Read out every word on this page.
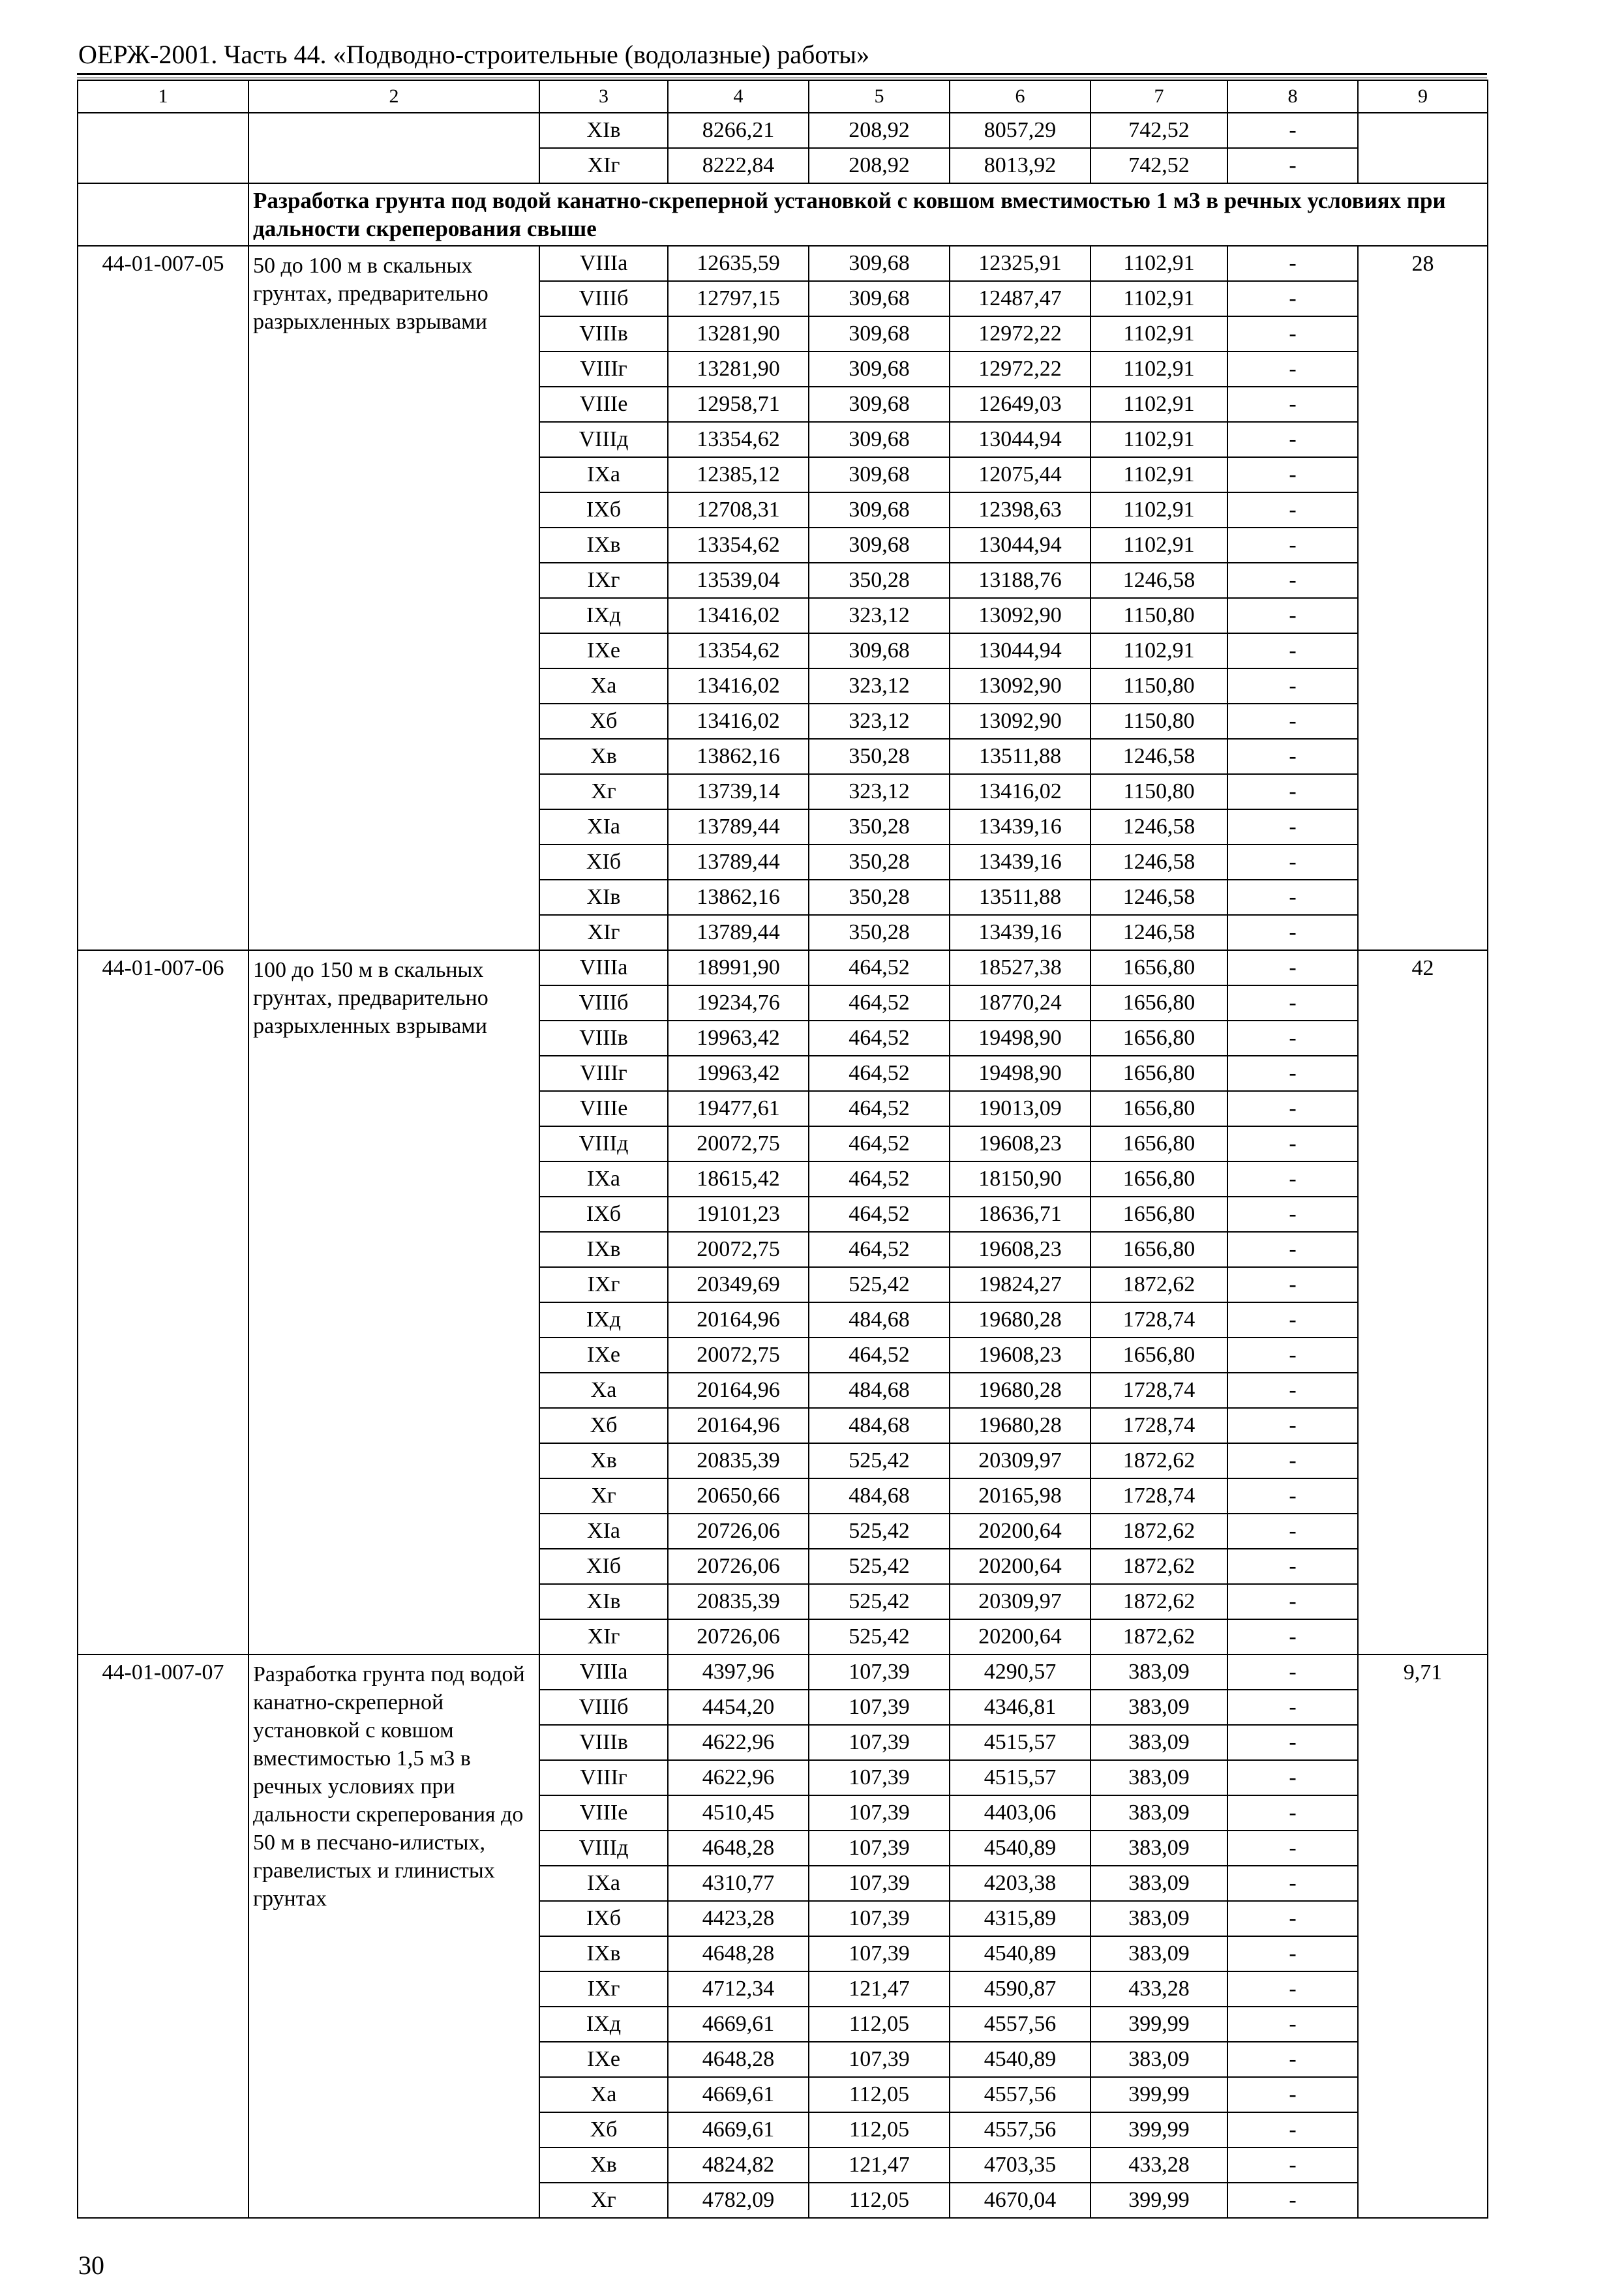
ОЕРЖ-2001. Часть 44. «Подводно-строительные (водолазные) работы»
1	2	3	4	5	6	7	8	9
		XIв	8266,21	208,92	8057,29	742,52	-	
		XIг	8222,84	208,92	8013,92	742,52	-	
	Разработка грунта под водой канатно-скреперной установкой с ковшом вместимостью 1 м3 в речных условиях при дальности скреперования свыше							
44-01-007-05	50 до 100 м в скальных грунтах, предварительно разрыхленных взрывами	VIIIа	12635,59	309,68	12325,91	1102,91	-	28
		VIIIб	12797,15	309,68	12487,47	1102,91	-	
		VIIIв	13281,90	309,68	12972,22	1102,91	-	
		VIIIг	13281,90	309,68	12972,22	1102,91	-	
		VIIIе	12958,71	309,68	12649,03	1102,91	-	
		VIIIд	13354,62	309,68	13044,94	1102,91	-	
		IXа	12385,12	309,68	12075,44	1102,91	-	
		IXб	12708,31	309,68	12398,63	1102,91	-	
		IXв	13354,62	309,68	13044,94	1102,91	-	
		IXг	13539,04	350,28	13188,76	1246,58	-	
		IXд	13416,02	323,12	13092,90	1150,80	-	
		IXе	13354,62	309,68	13044,94	1102,91	-	
		Xа	13416,02	323,12	13092,90	1150,80	-	
		Xб	13416,02	323,12	13092,90	1150,80	-	
		Xв	13862,16	350,28	13511,88	1246,58	-	
		Xг	13739,14	323,12	13416,02	1150,80	-	
		XIа	13789,44	350,28	13439,16	1246,58	-	
		XIб	13789,44	350,28	13439,16	1246,58	-	
		XIв	13862,16	350,28	13511,88	1246,58	-	
		XIг	13789,44	350,28	13439,16	1246,58	-	
44-01-007-06	100 до 150 м в скальных грунтах, предварительно разрыхленных взрывами	VIIIа	18991,90	464,52	18527,38	1656,80	-	42
		VIIIб	19234,76	464,52	18770,24	1656,80	-	
		VIIIв	19963,42	464,52	19498,90	1656,80	-	
		VIIIг	19963,42	464,52	19498,90	1656,80	-	
		VIIIе	19477,61	464,52	19013,09	1656,80	-	
		VIIIд	20072,75	464,52	19608,23	1656,80	-	
		IXа	18615,42	464,52	18150,90	1656,80	-	
		IXб	19101,23	464,52	18636,71	1656,80	-	
		IXв	20072,75	464,52	19608,23	1656,80	-	
		IXг	20349,69	525,42	19824,27	1872,62	-	
		IXд	20164,96	484,68	19680,28	1728,74	-	
		IXе	20072,75	464,52	19608,23	1656,80	-	
		Xа	20164,96	484,68	19680,28	1728,74	-	
		Xб	20164,96	484,68	19680,28	1728,74	-	
		Xв	20835,39	525,42	20309,97	1872,62	-	
		Xг	20650,66	484,68	20165,98	1728,74	-	
		XIа	20726,06	525,42	20200,64	1872,62	-	
		XIб	20726,06	525,42	20200,64	1872,62	-	
		XIв	20835,39	525,42	20309,97	1872,62	-	
		XIг	20726,06	525,42	20200,64	1872,62	-	
44-01-007-07	Разработка грунта под водой канатно-скреперной установкой с ковшом вместимостью 1,5 м3 в речных условиях при дальности скреперования до 50 м в песчано-илистых, гравелистых и глинистых грунтах	VIIIа	4397,96	107,39	4290,57	383,09	-	9,71
		VIIIб	4454,20	107,39	4346,81	383,09	-	
		VIIIв	4622,96	107,39	4515,57	383,09	-	
		VIIIг	4622,96	107,39	4515,57	383,09	-	
		VIIIе	4510,45	107,39	4403,06	383,09	-	
		VIIIд	4648,28	107,39	4540,89	383,09	-	
		IXа	4310,77	107,39	4203,38	383,09	-	
		IXб	4423,28	107,39	4315,89	383,09	-	
		IXв	4648,28	107,39	4540,89	383,09	-	
		IXг	4712,34	121,47	4590,87	433,28	-	
		IXд	4669,61	112,05	4557,56	399,99	-	
		IXе	4648,28	107,39	4540,89	383,09	-	
		Xа	4669,61	112,05	4557,56	399,99	-	
		Xб	4669,61	112,05	4557,56	399,99	-	
		Xв	4824,82	121,47	4703,35	433,28	-	
		Xг	4782,09	112,05	4670,04	399,99	-	
30
